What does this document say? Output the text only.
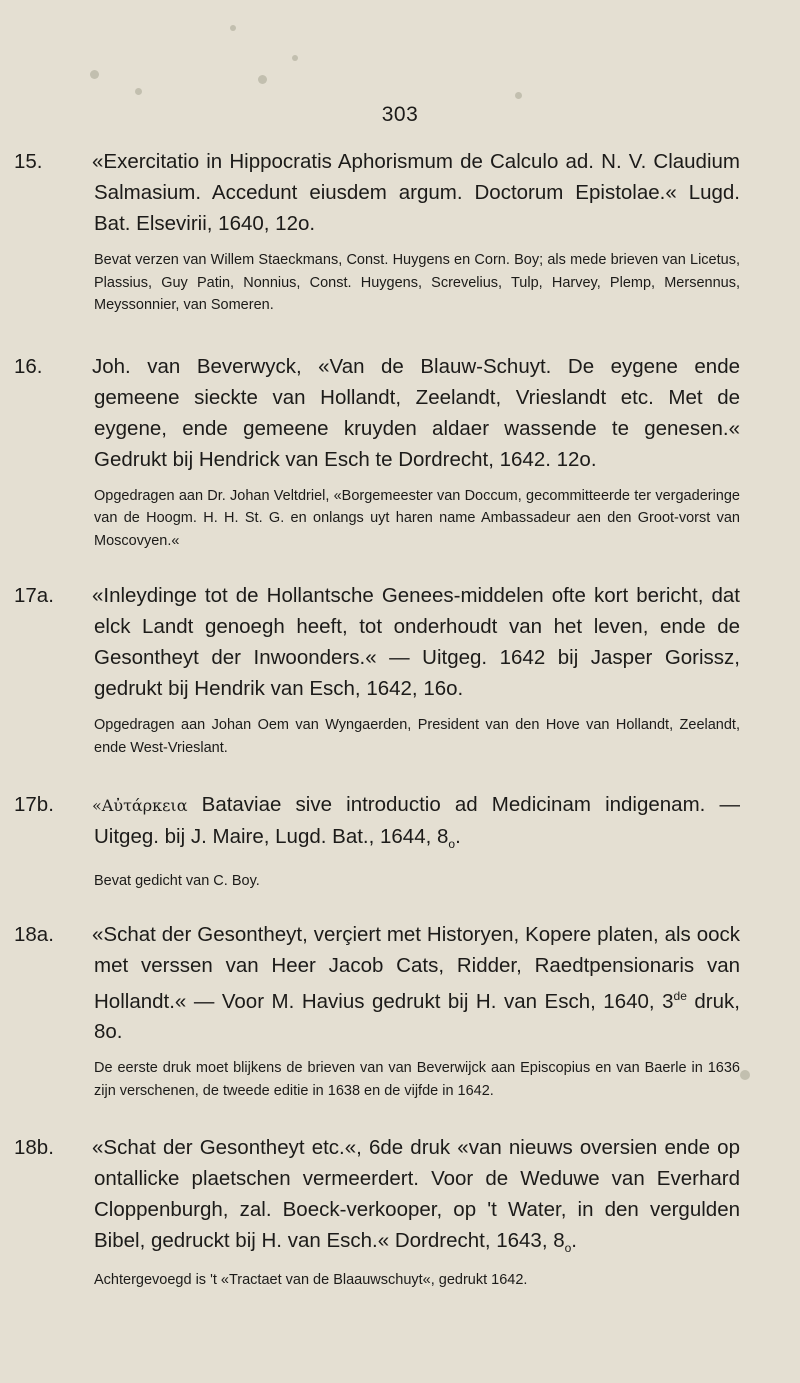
303

15. «Exercitatio in Hippocratis Aphorismum de Calculo ad. N. V. Claudium Salmasium. Accedunt eiusdem argum. Doctorum Epistolae.« Lugd. Bat. Elsevirii, 1640, 12o.

Bevat verzen van Willem Staeckmans, Const. Huygens en Corn. Boy; als mede brieven van Licetus, Plassius, Guy Patin, Nonnius, Const. Huygens, Screvelius, Tulp, Harvey, Plemp, Mersennus, Meyssonnier, van Someren.

16. Joh. van Beverwyck, «Van de Blauw-Schuyt. De eygene ende gemeene sieckte van Hollandt, Zeelandt, Vrieslandt etc. Met de eygene, ende gemeene kruyden aldaer wassende te genesen.« Gedrukt bij Hendrick van Esch te Dordrecht, 1642. 12o.

Opgedragen aan Dr. Johan Veltdriel, «Borgemeester van Doccum, gecommitteerde ter vergaderinge van de Hoogm. H. H. St. G. en onlangs uyt haren name Ambassadeur aen den Groot-vorst van Moscovyen.«

17a. «Inleydinge tot de Hollantsche Genees-middelen ofte kort bericht, dat elck Landt genoegh heeft, tot onderhoudt van het leven, ende de Gesontheyt der Inwoonders.« — Uitgeg. 1642 bij Jasper Gorissz, gedrukt bij Hendrik van Esch, 1642, 16o.

Opgedragen aan Johan Oem van Wyngaerden, President van den Hove van Hollandt, Zeelandt, ende West-Vrieslant.

17b. «Αὐτάρκεια Bataviae sive introductio ad Medicinam indigenam. — Uitgeg. bij J. Maire, Lugd. Bat., 1644, $8_o$.

Bevat gedicht van C. Boy.

18a. «Schat der Gesontheyt, verçiert met Historyen, Kopere platen, als oock met verssen van Heer Jacob Cats, Ridder, Raedtpensionaris van Hollandt.« — Voor M. Havius gedrukt bij H. van Esch, 1640, 3de druk, 8o.

De eerste druk moet blijkens de brieven van van Beverwijck aan Episcopius en van Baerle in 1636 zijn verschenen, de tweede editie in 1638 en de vijfde in 1642.

18b. «Schat der Gesontheyt etc.«, 6de druk «van nieuws oversien ende op ontallicke plaetschen vermeerdert. Voor de Weduwe van Everhard Cloppenburgh, zal. Boeck-verkooper, op 't Water, in den vergulden Bibel, gedruckt bij H. van Esch.« Dordrecht, 1643, $8_o$.

Achtergevoegd is 't «Tractaet van de Blaauwschuyt«, gedrukt 1642.
